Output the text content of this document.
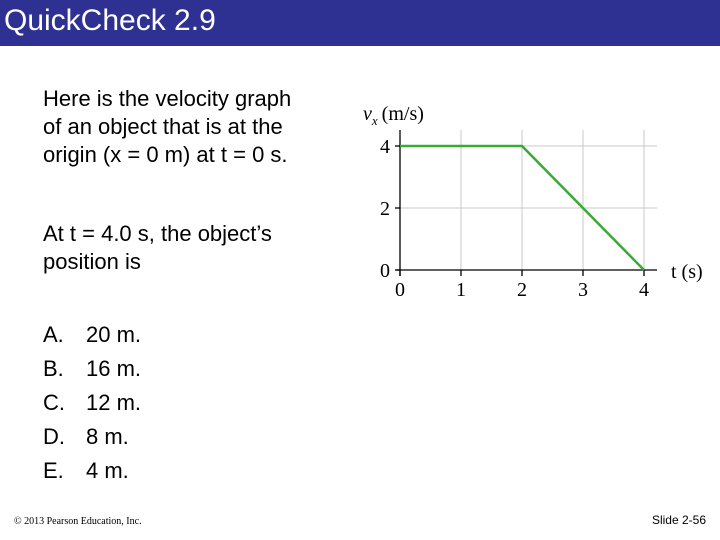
QuickCheck 2.9
Here is the velocity graph
of an object that is at the
origin (x = 0 m) at t = 0 s.
At t = 4.0 s, the object’s
position is
A. 20 m.
B. 16 m.
C. 12 m.
D. 8 m.
E. 4 m.
0	1	2	3	4
0
2
4
$v_x$ (m/s)
t (s)
© 2013 Pearson Education, Inc.	Slide 2-56
